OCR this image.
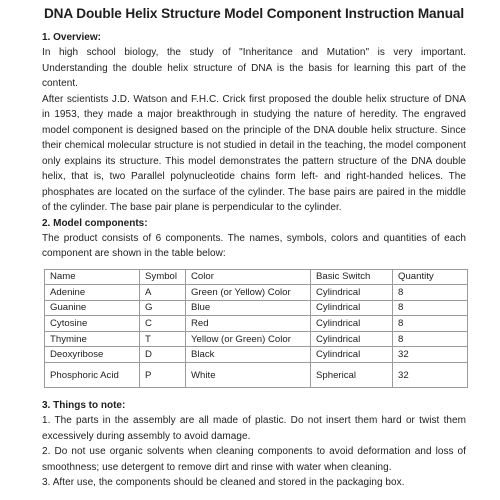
DNA Double Helix Structure Model Component Instruction Manual
1. Overview:

In high school biology, the study of "Inheritance and Mutation" is very important. Understanding the double helix structure of DNA is the basis for learning this part of the content.

After scientists J.D. Watson and F.H.C. Crick first proposed the double helix structure of DNA in 1953, they made a major breakthrough in studying the nature of heredity. The engraved model component is designed based on the principle of the DNA double helix structure. Since their chemical molecular structure is not studied in detail in the teaching, the model component only explains its structure. This model demonstrates the pattern structure of the DNA double helix, that is, two Parallel polynucleotide chains form left- and right-handed helices. The phosphates are located on the surface of the cylinder. The base pairs are paired in the middle of the cylinder. The base pair plane is perpendicular to the cylinder.

2. Model components:

The product consists of 6 components. The names, symbols, colors and quantities of each component are shown in the table below:

Name	Symbol	Color	Basic Switch	Quantity
Adenine	A	Green (or Yellow) Color	Cylindrical	8
Guanine	G	Blue	Cylindrical	8
Cytosine	C	Red	Cylindrical	8
Thymine	T	Yellow (or Green) Color	Cylindrical	8
Deoxyribose	D	Black	Cylindrical	32
Phosphoric Acid	P	White	Spherical	32
3. Things to note:

1. The parts in the assembly are all made of plastic. Do not insert them hard or twist them excessively during assembly to avoid damage.

2. Do not use organic solvents when cleaning components to avoid deformation and loss of smoothness; use detergent to remove dirt and rinse with water when cleaning.

3. After use, the components should be cleaned and stored in the packaging box.
